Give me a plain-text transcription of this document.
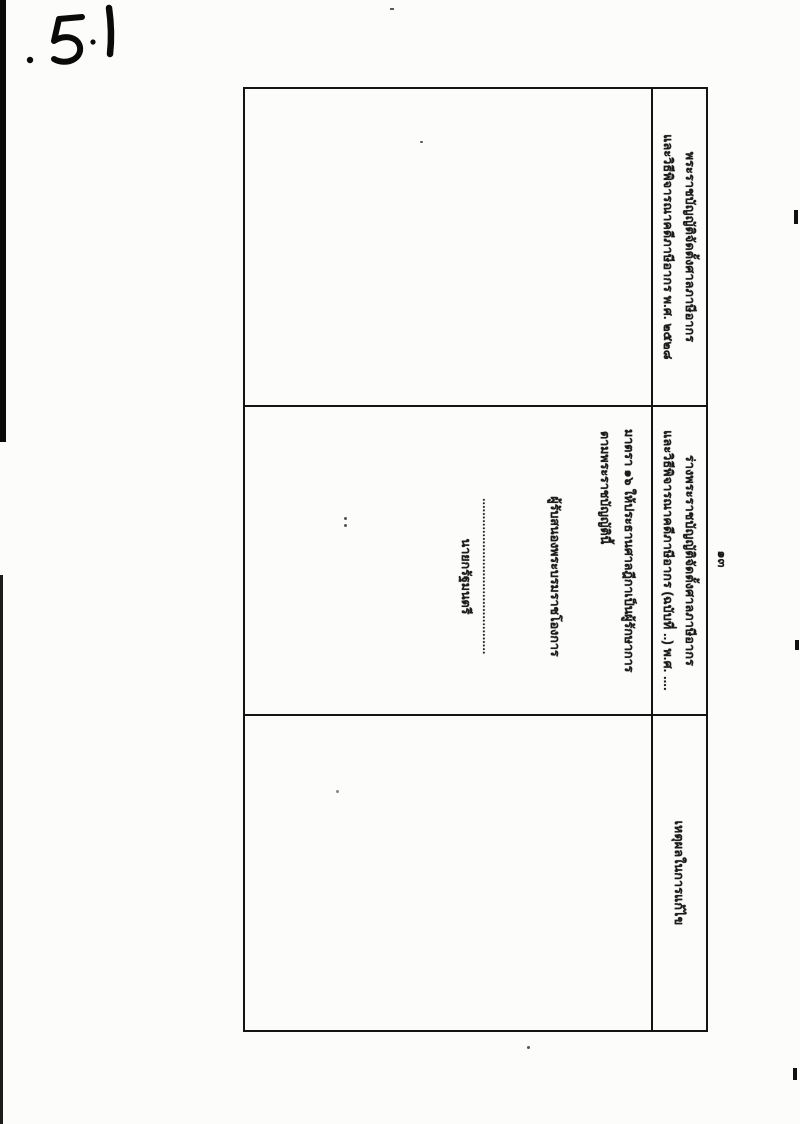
พระราชบัญญัติจัดตั้งศาลภาษีอากร
และวิธีพิจารณาคดีภาษีอากร พ.ศ. ๒๕๒๘
ร่างพระราชบัญญัติจัดตั้งศาลภาษีอากร
และวิธีพิจารณาคดีภาษีอากร (ฉบับที่ ..) พ.ศ. ....
เหตุผลในการแก้ไข
มาตรา ๑๖ ให้ประธานศาลฎีกาเป็นผู้รักษาการ
ตามพระราชบัญญัตินี้
ผู้รับสนองพระบรมราชโองการ
............................................
นายกรัฐมนตรี	๑๓
